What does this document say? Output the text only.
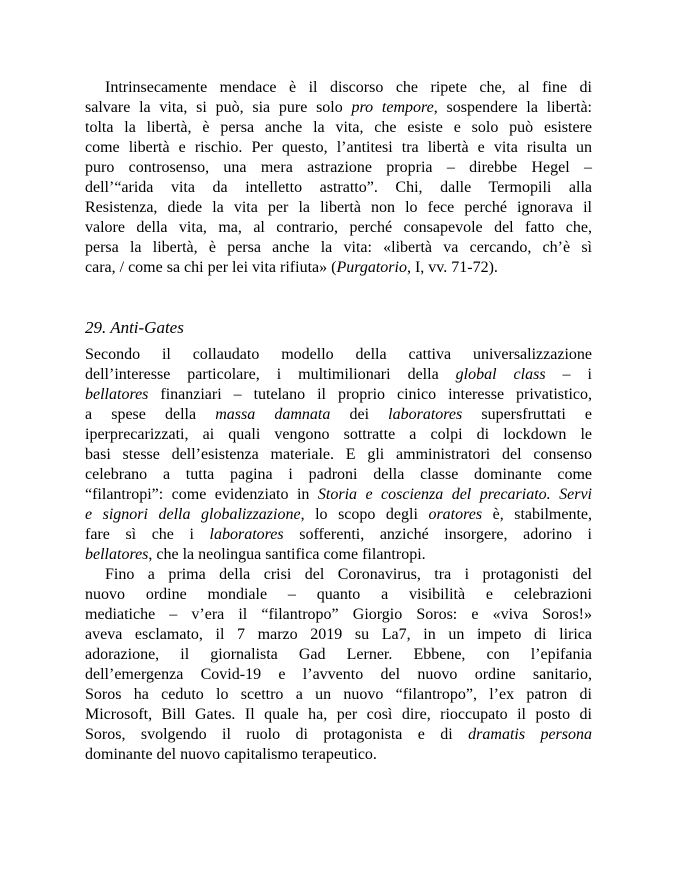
Intrinsecamente mendace è il discorso che ripete che, al fine di
salvare la vita, si può, sia pure solo pro tempore, sospendere la libertà:
tolta la libertà, è persa anche la vita, che esiste e solo può esistere
come libertà e rischio. Per questo, l’antitesi tra libertà e vita risulta un
puro controsenso, una mera astrazione propria – direbbe Hegel –
dell’“arida vita da intelletto astratto”. Chi, dalle Termopili alla
Resistenza, diede la vita per la libertà non lo fece perché ignorava il
valore della vita, ma, al contrario, perché consapevole del fatto che,
persa la libertà, è persa anche la vita: «libertà va cercando, ch’è sì
cara, / come sa chi per lei vita rifiuta» (Purgatorio, I, vv. 71-72).
29. Anti-Gates
Secondo il collaudato modello della cattiva universalizzazione
dell’interesse particolare, i multimilionari della global class – i
bellatores finanziari – tutelano il proprio cinico interesse privatistico,
a spese della massa damnata dei laboratores supersfruttati e
iperprecarizzati, ai quali vengono sottratte a colpi di lockdown le
basi stesse dell’esistenza materiale. E gli amministratori del consenso
celebrano a tutta pagina i padroni della classe dominante come
“filantropi”: come evidenziato in Storia e coscienza del precariato. Servi
e signori della globalizzazione, lo scopo degli oratores è, stabilmente,
fare sì che i laboratores sofferenti, anziché insorgere, adorino i
bellatores, che la neolingua santifica come filantropi.
Fino a prima della crisi del Coronavirus, tra i protagonisti del
nuovo ordine mondiale – quanto a visibilità e celebrazioni
mediatiche – v’era il “filantropo” Giorgio Soros: e «viva Soros!»
aveva esclamato, il 7 marzo 2019 su La7, in un impeto di lirica
adorazione, il giornalista Gad Lerner. Ebbene, con l’epifania
dell’emergenza Covid-19 e l’avvento del nuovo ordine sanitario,
Soros ha ceduto lo scettro a un nuovo “filantropo”, l’ex patron di
Microsoft, Bill Gates. Il quale ha, per così dire, rioccupato il posto di
Soros, svolgendo il ruolo di protagonista e di dramatis persona
dominante del nuovo capitalismo terapeutico.
